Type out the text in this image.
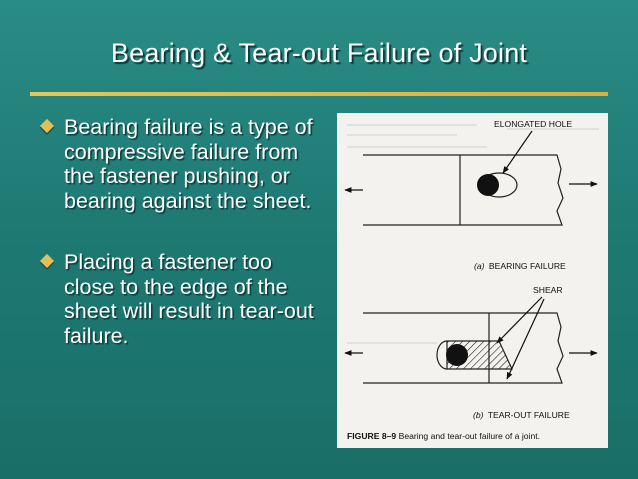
Bearing & Tear-out Failure of Joint
Bearing failure is a type of compressive failure from the fastener pushing, or bearing against the sheet.
Placing a fastener too close to the edge of the sheet will result in tear-out failure.
ELONGATED HOLE
(a) BEARING FAILURE
SHEAR
(b) TEAR-OUT FAILURE
FIGURE 8–9 Bearing and tear-out failure of a joint.
